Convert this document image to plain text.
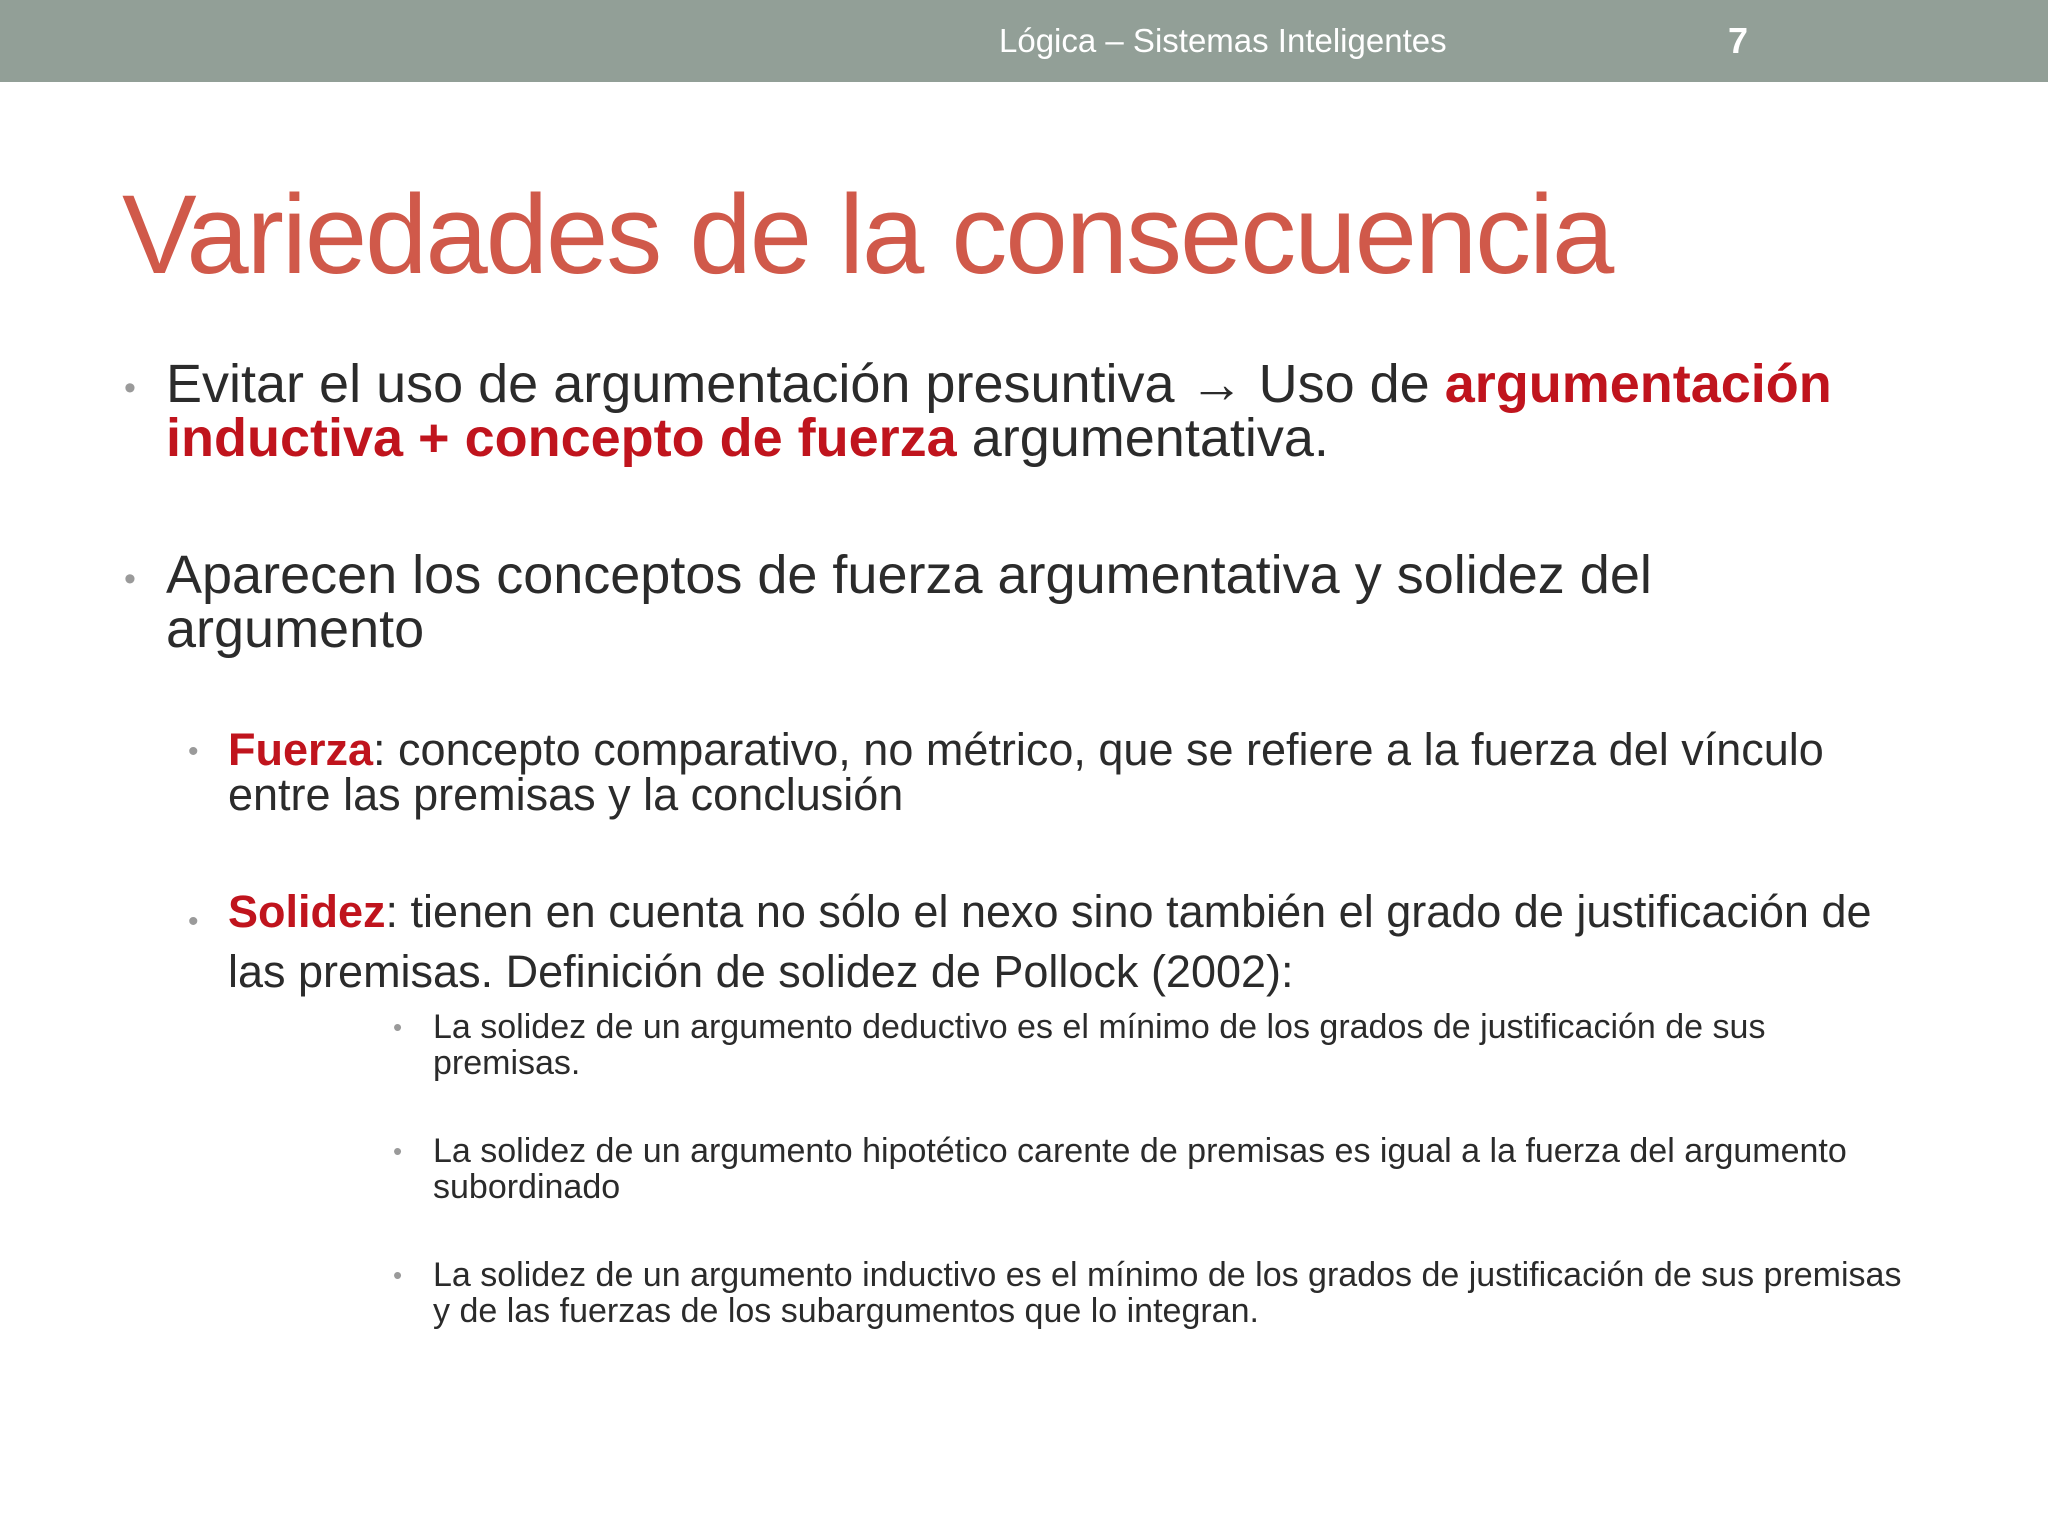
Lógica – Sistemas Inteligentes	7
Variedades de la consecuencia

• Evitar el uso de argumentación presuntiva → Uso de argumentación inductiva + concepto de fuerza argumentativa.

• Aparecen los conceptos de fuerza argumentativa y solidez del argumento

• Fuerza: concepto comparativo, no métrico, que se refiere a la fuerza del vínculo entre las premisas y la conclusión

• Solidez: tienen en cuenta no sólo el nexo sino también el grado de justificación de las premisas. Definición de solidez de Pollock (2002):

• La solidez de un argumento deductivo es el mínimo de los grados de justificación de sus premisas.

• La solidez de un argumento hipotético carente de premisas es igual a la fuerza del argumento subordinado

• La solidez de un argumento inductivo es el mínimo de los grados de justificación de sus premisas y de las fuerzas de los subargumentos que lo integran.
